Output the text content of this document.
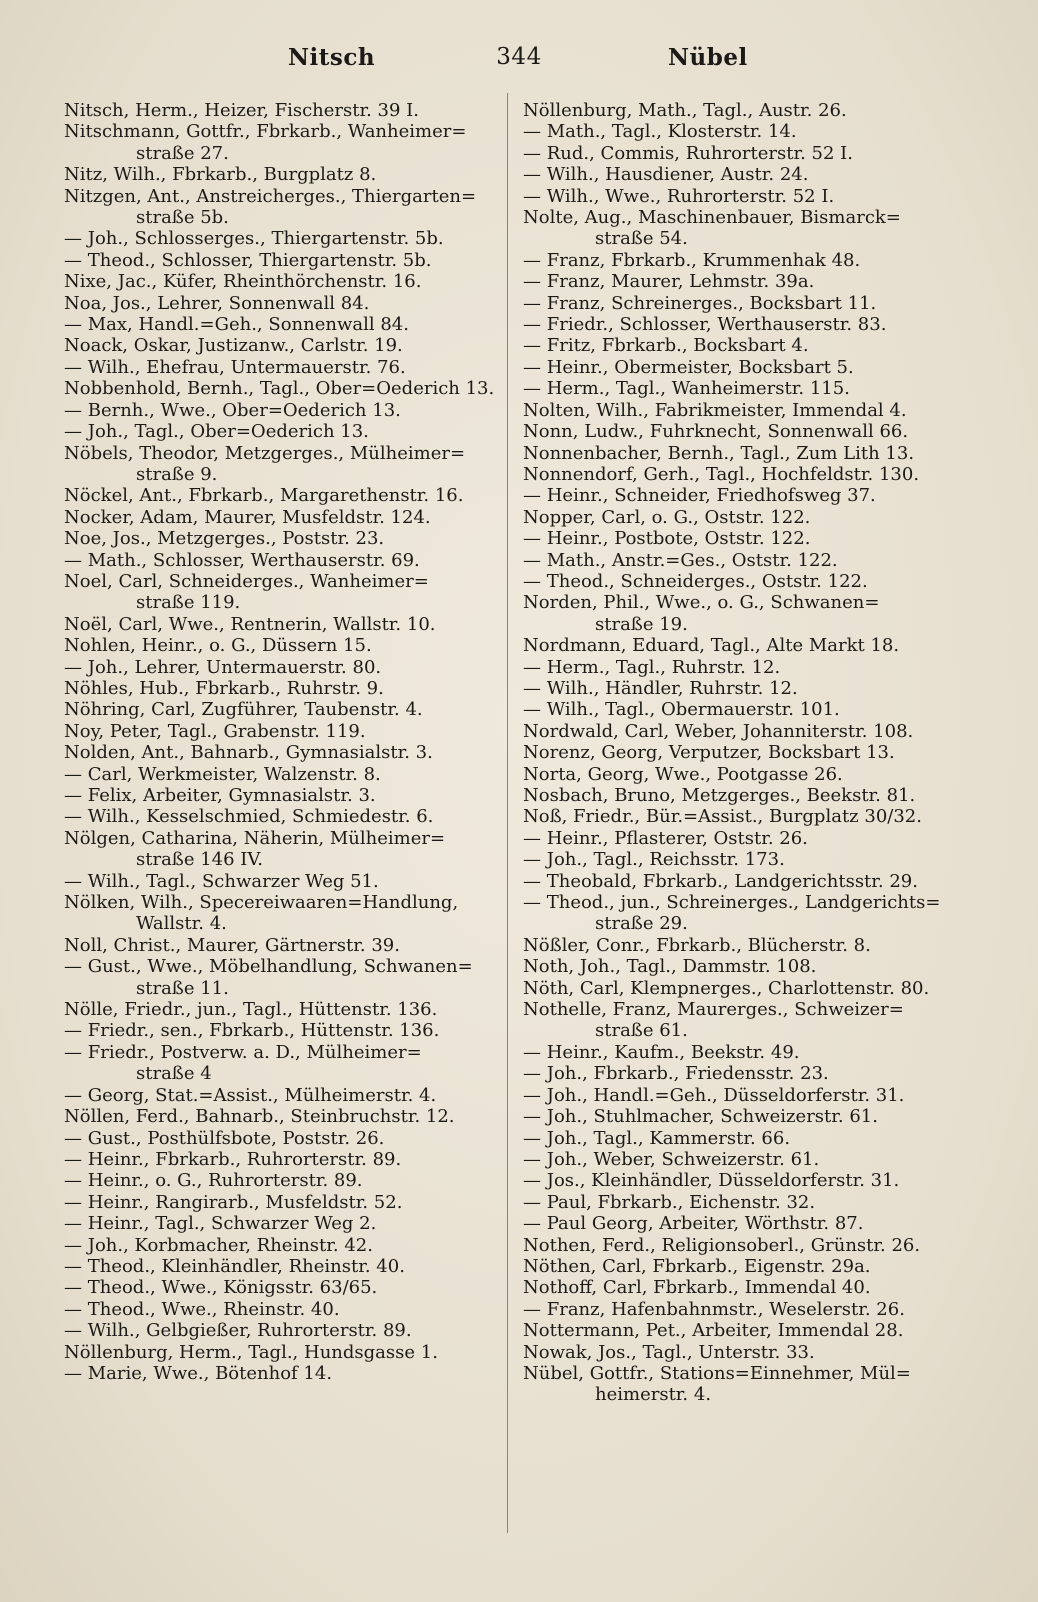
344
Nitsch	Nübel
Nitsch, Herm., Heizer, Fischerstr. 39 I.
Nitschmann, Gottfr., Fbrkarb., Wanheimer=
straße 27.
Nitz, Wilh., Fbrkarb., Burgplatz 8.
Nitzgen, Ant., Anstreicherges., Thiergarten=
straße 5b.
— Joh., Schlosserges., Thiergartenstr. 5b.
— Theod., Schlosser, Thiergartenstr. 5b.
Nixe, Jac., Küfer, Rheinthörchenstr. 16.
Noa, Jos., Lehrer, Sonnenwall 84.
— Max, Handl.=Geh., Sonnenwall 84.
Noack, Oskar, Justizanw., Carlstr. 19.
— Wilh., Ehefrau, Untermauerstr. 76.
Nobbenhold, Bernh., Tagl., Ober=Oederich 13.
— Bernh., Wwe., Ober=Oederich 13.
— Joh., Tagl., Ober=Oederich 13.
Nöbels, Theodor, Metzgerges., Mülheimer=
straße 9.
Nöckel, Ant., Fbrkarb., Margarethenstr. 16.
Nocker, Adam, Maurer, Musfeldstr. 124.
Noe, Jos., Metzgerges., Poststr. 23.
— Math., Schlosser, Werthauserstr. 69.
Noel, Carl, Schneiderges., Wanheimer=
straße 119.
Noël, Carl, Wwe., Rentnerin, Wallstr. 10.
Nohlen, Heinr., o. G., Düssern 15.
— Joh., Lehrer, Untermauerstr. 80.
Nöhles, Hub., Fbrkarb., Ruhrstr. 9.
Nöhring, Carl, Zugführer, Taubenstr. 4.
Noy, Peter, Tagl., Grabenstr. 119.
Nolden, Ant., Bahnarb., Gymnasialstr. 3.
— Carl, Werkmeister, Walzenstr. 8.
— Felix, Arbeiter, Gymnasialstr. 3.
— Wilh., Kesselschmied, Schmiedestr. 6.
Nölgen, Catharina, Näherin, Mülheimer=
straße 146 IV.
— Wilh., Tagl., Schwarzer Weg 51.
Nölken, Wilh., Specereiwaaren=Handlung,
Wallstr. 4.
Noll, Christ., Maurer, Gärtnerstr. 39.
— Gust., Wwe., Möbelhandlung, Schwanen=
straße 11.
Nölle, Friedr., jun., Tagl., Hüttenstr. 136.
— Friedr., sen., Fbrkarb., Hüttenstr. 136.
— Friedr., Postverw. a. D., Mülheimer=
straße 4
— Georg, Stat.=Assist., Mülheimerstr. 4.
Nöllen, Ferd., Bahnarb., Steinbruchstr. 12.
— Gust., Posthülfsbote, Poststr. 26.
— Heinr., Fbrkarb., Ruhrorterstr. 89.
— Heinr., o. G., Ruhrorterstr. 89.
— Heinr., Rangirarb., Musfeldstr. 52.
— Heinr., Tagl., Schwarzer Weg 2.
— Joh., Korbmacher, Rheinstr. 42.
— Theod., Kleinhändler, Rheinstr. 40.
— Theod., Wwe., Königsstr. 63/65.
— Theod., Wwe., Rheinstr. 40.
— Wilh., Gelbgießer, Ruhrorterstr. 89.
Nöllenburg, Herm., Tagl., Hundsgasse 1.
— Marie, Wwe., Bötenhof 14.
Nöllenburg, Math., Tagl., Austr. 26.
— Math., Tagl., Klosterstr. 14.
— Rud., Commis, Ruhrorterstr. 52 I.
— Wilh., Hausdiener, Austr. 24.
— Wilh., Wwe., Ruhrorterstr. 52 I.
Nolte, Aug., Maschinenbauer, Bismarck=
straße 54.
— Franz, Fbrkarb., Krummenhak 48.
— Franz, Maurer, Lehmstr. 39a.
— Franz, Schreinerges., Bocksbart 11.
— Friedr., Schlosser, Werthauserstr. 83.
— Fritz, Fbrkarb., Bocksbart 4.
— Heinr., Obermeister, Bocksbart 5.
— Herm., Tagl., Wanheimerstr. 115.
Nolten, Wilh., Fabrikmeister, Immendal 4.
Nonn, Ludw., Fuhrknecht, Sonnenwall 66.
Nonnenbacher, Bernh., Tagl., Zum Lith 13.
Nonnendorf, Gerh., Tagl., Hochfeldstr. 130.
— Heinr., Schneider, Friedhofsweg 37.
Nopper, Carl, o. G., Oststr. 122.
— Heinr., Postbote, Oststr. 122.
— Math., Anstr.=Ges., Oststr. 122.
— Theod., Schneiderges., Oststr. 122.
Norden, Phil., Wwe., o. G., Schwanen=
straße 19.
Nordmann, Eduard, Tagl., Alte Markt 18.
— Herm., Tagl., Ruhrstr. 12.
— Wilh., Händler, Ruhrstr. 12.
— Wilh., Tagl., Obermauerstr. 101.
Nordwald, Carl, Weber, Johanniterstr. 108.
Norenz, Georg, Verputzer, Bocksbart 13.
Norta, Georg, Wwe., Pootgasse 26.
Nosbach, Bruno, Metzgerges., Beekstr. 81.
Noß, Friedr., Bür.=Assist., Burgplatz 30/32.
— Heinr., Pflasterer, Oststr. 26.
— Joh., Tagl., Reichsstr. 173.
— Theobald, Fbrkarb., Landgerichtsstr. 29.
— Theod., jun., Schreinerges., Landgerichts=
straße 29.
Nößler, Conr., Fbrkarb., Blücherstr. 8.
Noth, Joh., Tagl., Dammstr. 108.
Nöth, Carl, Klempnerges., Charlottenstr. 80.
Nothelle, Franz, Maurerges., Schweizer=
straße 61.
— Heinr., Kaufm., Beekstr. 49.
— Joh., Fbrkarb., Friedensstr. 23.
— Joh., Handl.=Geh., Düsseldorferstr. 31.
— Joh., Stuhlmacher, Schweizerstr. 61.
— Joh., Tagl., Kammerstr. 66.
— Joh., Weber, Schweizerstr. 61.
— Jos., Kleinhändler, Düsseldorferstr. 31.
— Paul, Fbrkarb., Eichenstr. 32.
— Paul Georg, Arbeiter, Wörthstr. 87.
Nothen, Ferd., Religionsoberl., Grünstr. 26.
Nöthen, Carl, Fbrkarb., Eigenstr. 29a.
Nothoff, Carl, Fbrkarb., Immendal 40.
— Franz, Hafenbahnmstr., Weselerstr. 26.
Nottermann, Pet., Arbeiter, Immendal 28.
Nowak, Jos., Tagl., Unterstr. 33.
Nübel, Gottfr., Stations=Einnehmer, Mül=
heimerstr. 4.
